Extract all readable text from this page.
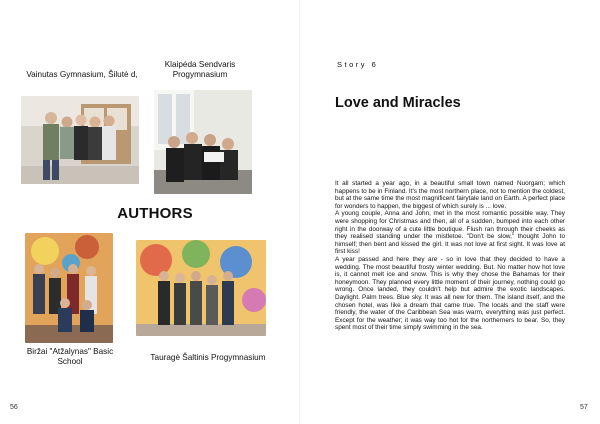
Vainutas Gymnasium, Šilutė d,
Klaipėda Sendvaris Progymnasium
AUTHORS
Biržai "Atžalynas" Basic School	Tauragė Šaltinis Progymnasium
56
Story 6
Love and Miracles

It all started a year ago, in a beautiful small town named Nuorgam; which happens to be in Finland. It's the most northern place, not to mention the coldest, but at the same time the most magnificent fairytale land on Earth. A perfect place for wonders to happen, the biggest of which surely is ... love.

A young couple, Anna and John, met in the most romantic possible way. They were shopping for Christmas and then, all of a sudden, bumped into each other right in the doorway of a cute little boutique. Flush ran through their cheeks as they realised standing under the mistletoe. "Don't be slow," thought John to himself; then bent and kissed the girl. It was not love at first sight. It was love at first kiss!

A year passed and here they are - so in love that they decided to have a wedding. The most beautiful frosty winter wedding. But. No matter how hot love is, it cannot melt ice and snow. This is why they chose the Bahamas for their honeymoon. They planned every little moment of their journey, nothing could go wrong. Once landed, they couldn't help but admire the exotic landscapes. Daylight. Palm trees. Blue sky. It was all new for them. The island itself, and the chosen hotel, was like a dream that came true. The locals and the staff were friendly, the water of the Caribbean Sea was warm, everything was just perfect. Except for the weather; it was way too hot for the northerners to bear. So, they spent most of their time simply swimming in the sea.

57
